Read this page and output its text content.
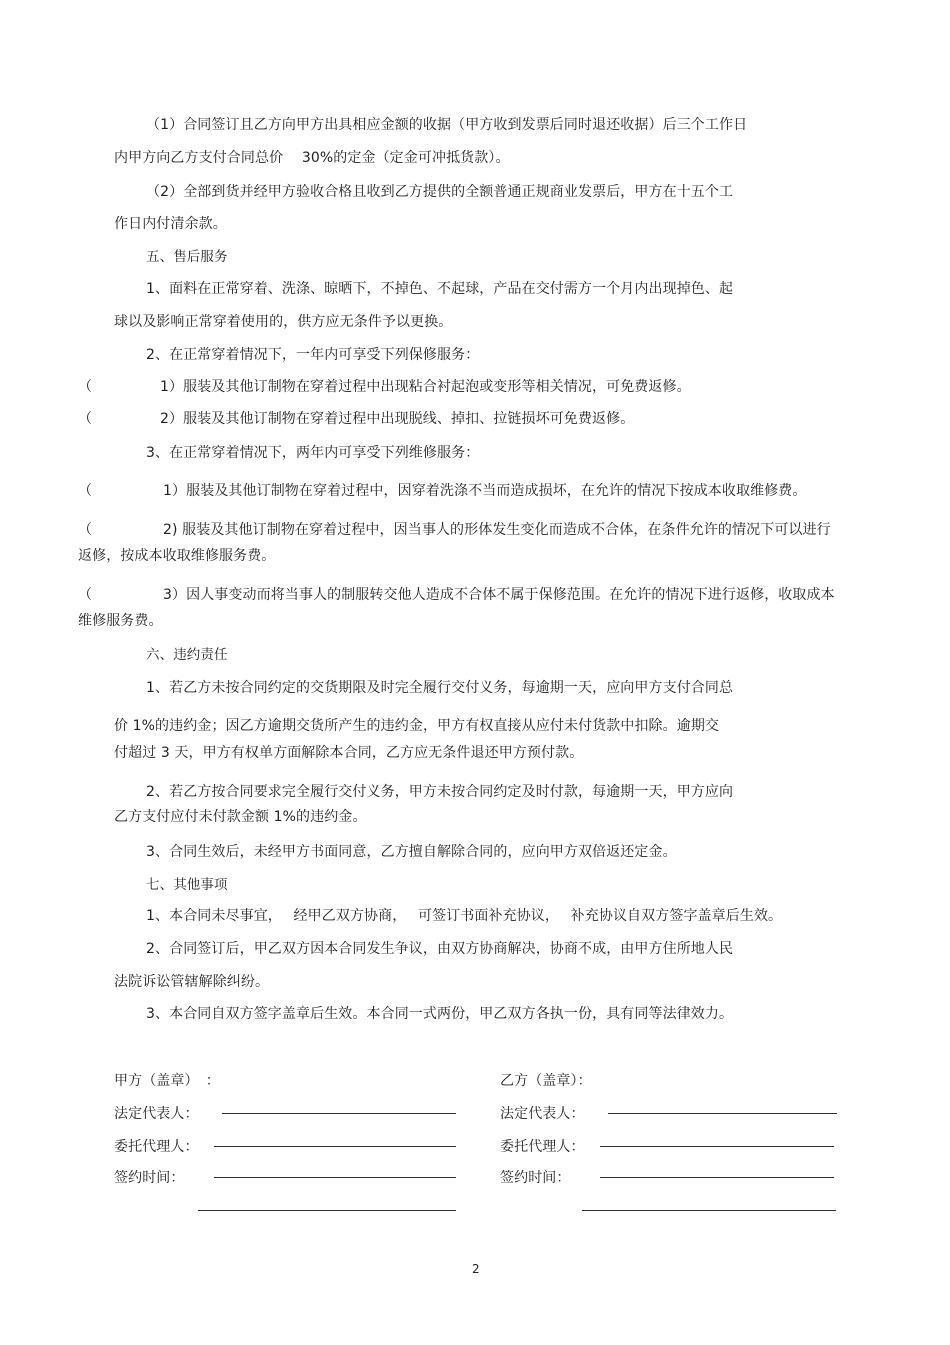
（1）合同签订且乙方向甲方出具相应金额的收据（甲方收到发票后同时退还收据）后三个工作日

内甲方向乙方支付合同总价　 30%的定金（定金可冲抵货款）。

（2）全部到货并经甲方验收合格且收到乙方提供的全额普通正规商业发票后，甲方在十五个工

作日内付清余款。

五、售后服务

1、面料在正常穿着、洗涤、晾晒下，不掉色、不起球，产品在交付需方一个月内出现掉色、起

球以及影响正常穿着使用的，供方应无条件予以更换。

2、在正常穿着情况下，一年内可享受下列保修服务：

（	1）服装及其他订制物在穿着过程中出现粘合衬起泡或变形等相关情况，可免费返修。

（	2）服装及其他订制物在穿着过程中出现脱线、掉扣、拉链损坏可免费返修。

3、在正常穿着情况下，两年内可享受下列维修服务：

（	1）服装及其他订制物在穿着过程中，因穿着洗涤不当而造成损坏，在允许的情况下按成本收取维修费。

（	2) 服装及其他订制物在穿着过程中，因当事人的形体发生变化而造成不合体，在条件允许的情况下可以进行

返修，按成本收取维修服务费。

（	3）因人事变动而将当事人的制服转交他人造成不合体不属于保修范围。在允许的情况下进行返修，收取成本

维修服务费。

六、违约责任

1、若乙方未按合同约定的交货期限及时完全履行交付义务，每逾期一天，应向甲方支付合同总

价 1%的违约金；因乙方逾期交货所产生的违约金，甲方有权直接从应付未付货款中扣除。逾期交

付超过 3 天，甲方有权单方面解除本合同，乙方应无条件退还甲方预付款。

2、若乙方按合同要求完全履行交付义务，甲方未按合同约定及时付款，每逾期一天，甲方应向

乙方支付应付未付款金额 1%的违约金。

3、合同生效后，未经甲方书面同意，乙方擅自解除合同的，应向甲方双倍返还定金。

七、其他事项

1、本合同未尽事宜，　 经甲乙双方协商，　 可签订书面补充协议，　 补充协议自双方签字盖章后生效。

2、合同签订后，甲乙双方因本合同发生争议，由双方协商解决，协商不成，由甲方住所地人民

法院诉讼管辖解除纠纷。

3、本合同自双方签字盖章后生效。本合同一式两份，甲乙双方各执一份，具有同等法律效力。

甲方（盖章）　：

法定代表人：

委托代理人：

签约时间：

乙方（盖章）：

法定代表人：

委托代理人：

签约时间：

2
